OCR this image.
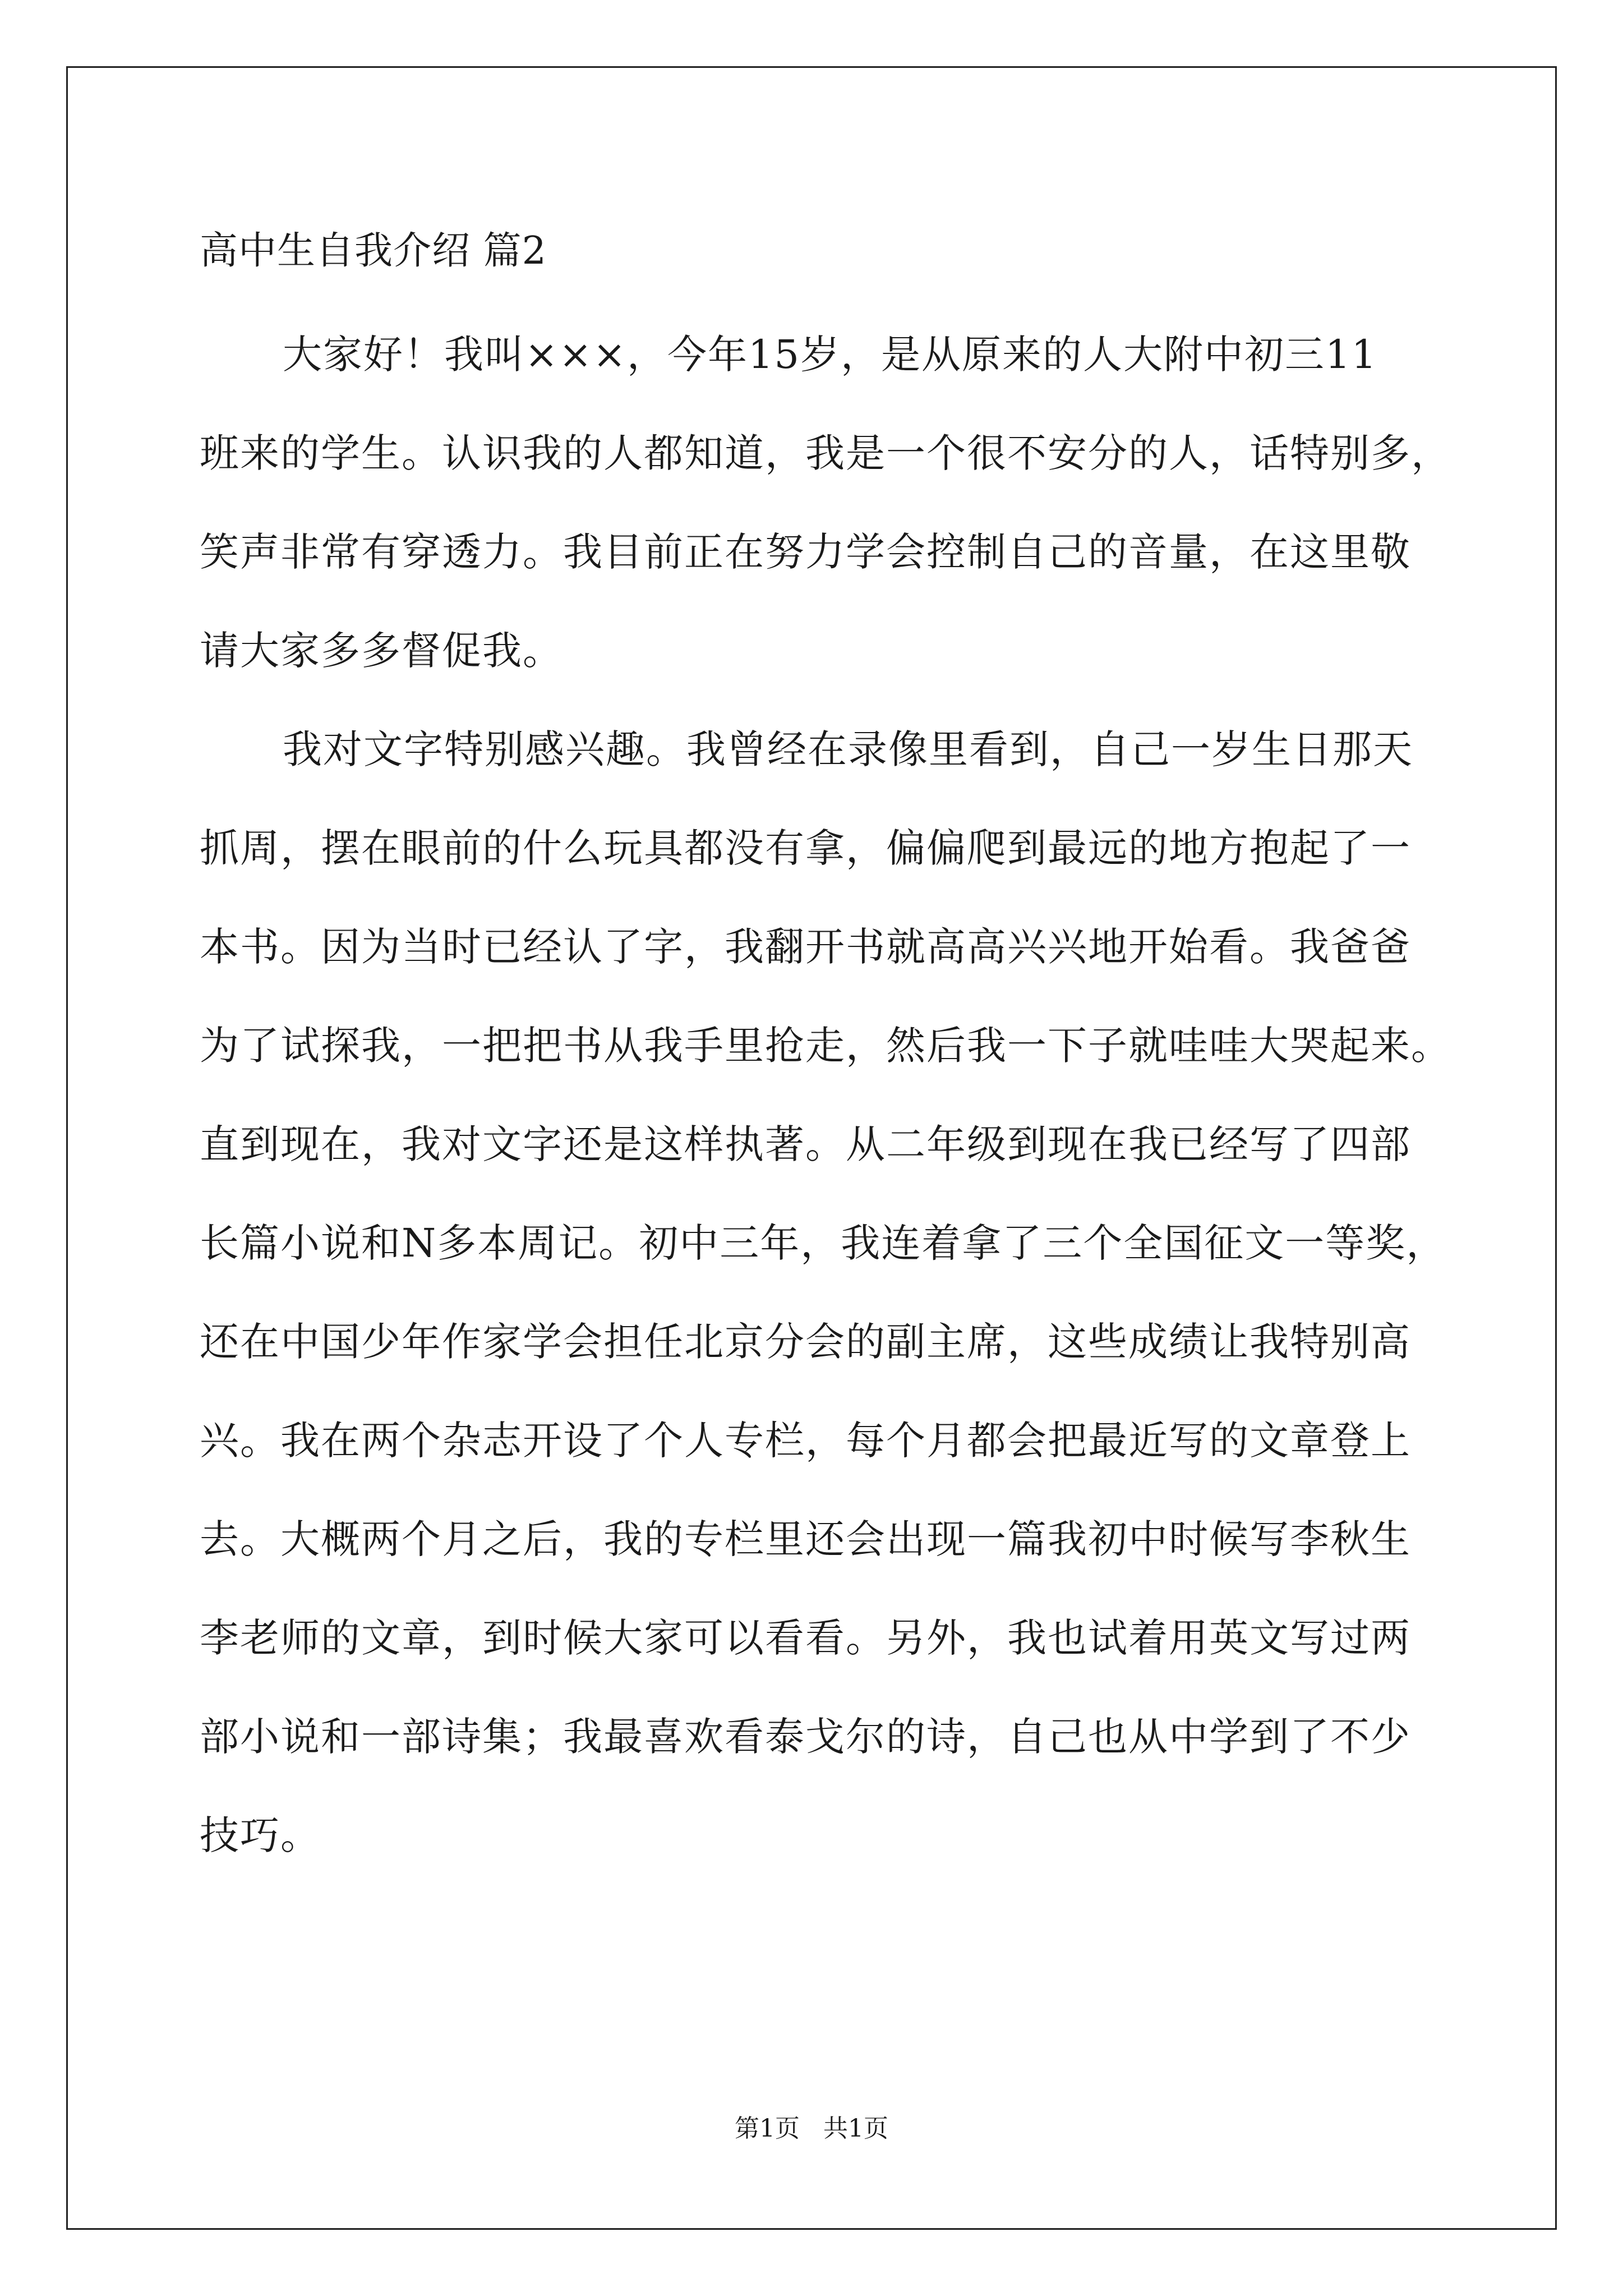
高中生自我介绍 篇2
大家好！我叫×××，今年15岁，是从原来的人大附中初三11
班来的学生。认识我的人都知道，我是一个很不安分的人，话特别多，
笑声非常有穿透力。我目前正在努力学会控制自己的音量，在这里敬
请大家多多督促我。
我对文字特别感兴趣。我曾经在录像里看到，自己一岁生日那天
抓周，摆在眼前的什么玩具都没有拿，偏偏爬到最远的地方抱起了一
本书。因为当时已经认了字，我翻开书就高高兴兴地开始看。我爸爸
为了试探我，一把把书从我手里抢走，然后我一下子就哇哇大哭起来。
直到现在，我对文字还是这样执著。从二年级到现在我已经写了四部
长篇小说和N多本周记。初中三年，我连着拿了三个全国征文一等奖，
还在中国少年作家学会担任北京分会的副主席，这些成绩让我特别高
兴。我在两个杂志开设了个人专栏，每个月都会把最近写的文章登上
去。大概两个月之后，我的专栏里还会出现一篇我初中时候写李秋生
李老师的文章，到时候大家可以看看。另外，我也试着用英文写过两
部小说和一部诗集；我最喜欢看泰戈尔的诗，自己也从中学到了不少
技巧。
第1页   共1页
